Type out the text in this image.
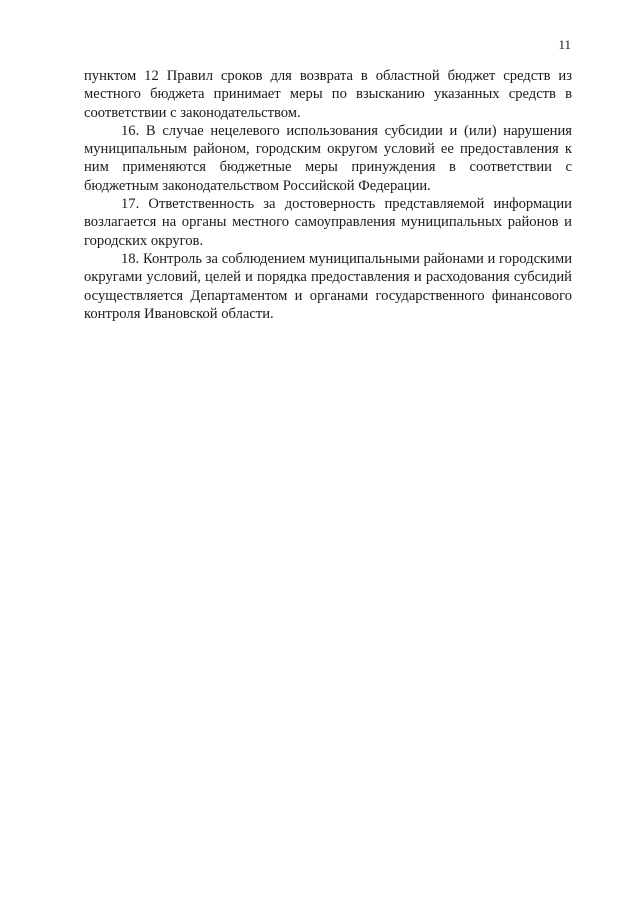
11

пунктом 12 Правил сроков для возврата в областной бюджет средств из местного бюджета принимает меры по взысканию указанных средств в соответствии с законодательством.

16. В случае нецелевого использования субсидии и (или) нарушения муниципальным районом, городским округом условий ее предоставления к ним применяются бюджетные меры принуждения в соответствии с бюджетным законодательством Российской Федерации.

17. Ответственность за достоверность представляемой информации возлагается на органы местного самоуправления муниципальных районов и городских округов.

18. Контроль за соблюдением муниципальными районами и городскими округами условий, целей и порядка предоставления и расходования субсидий осуществляется Департаментом и органами государственного финансового контроля Ивановской области.
